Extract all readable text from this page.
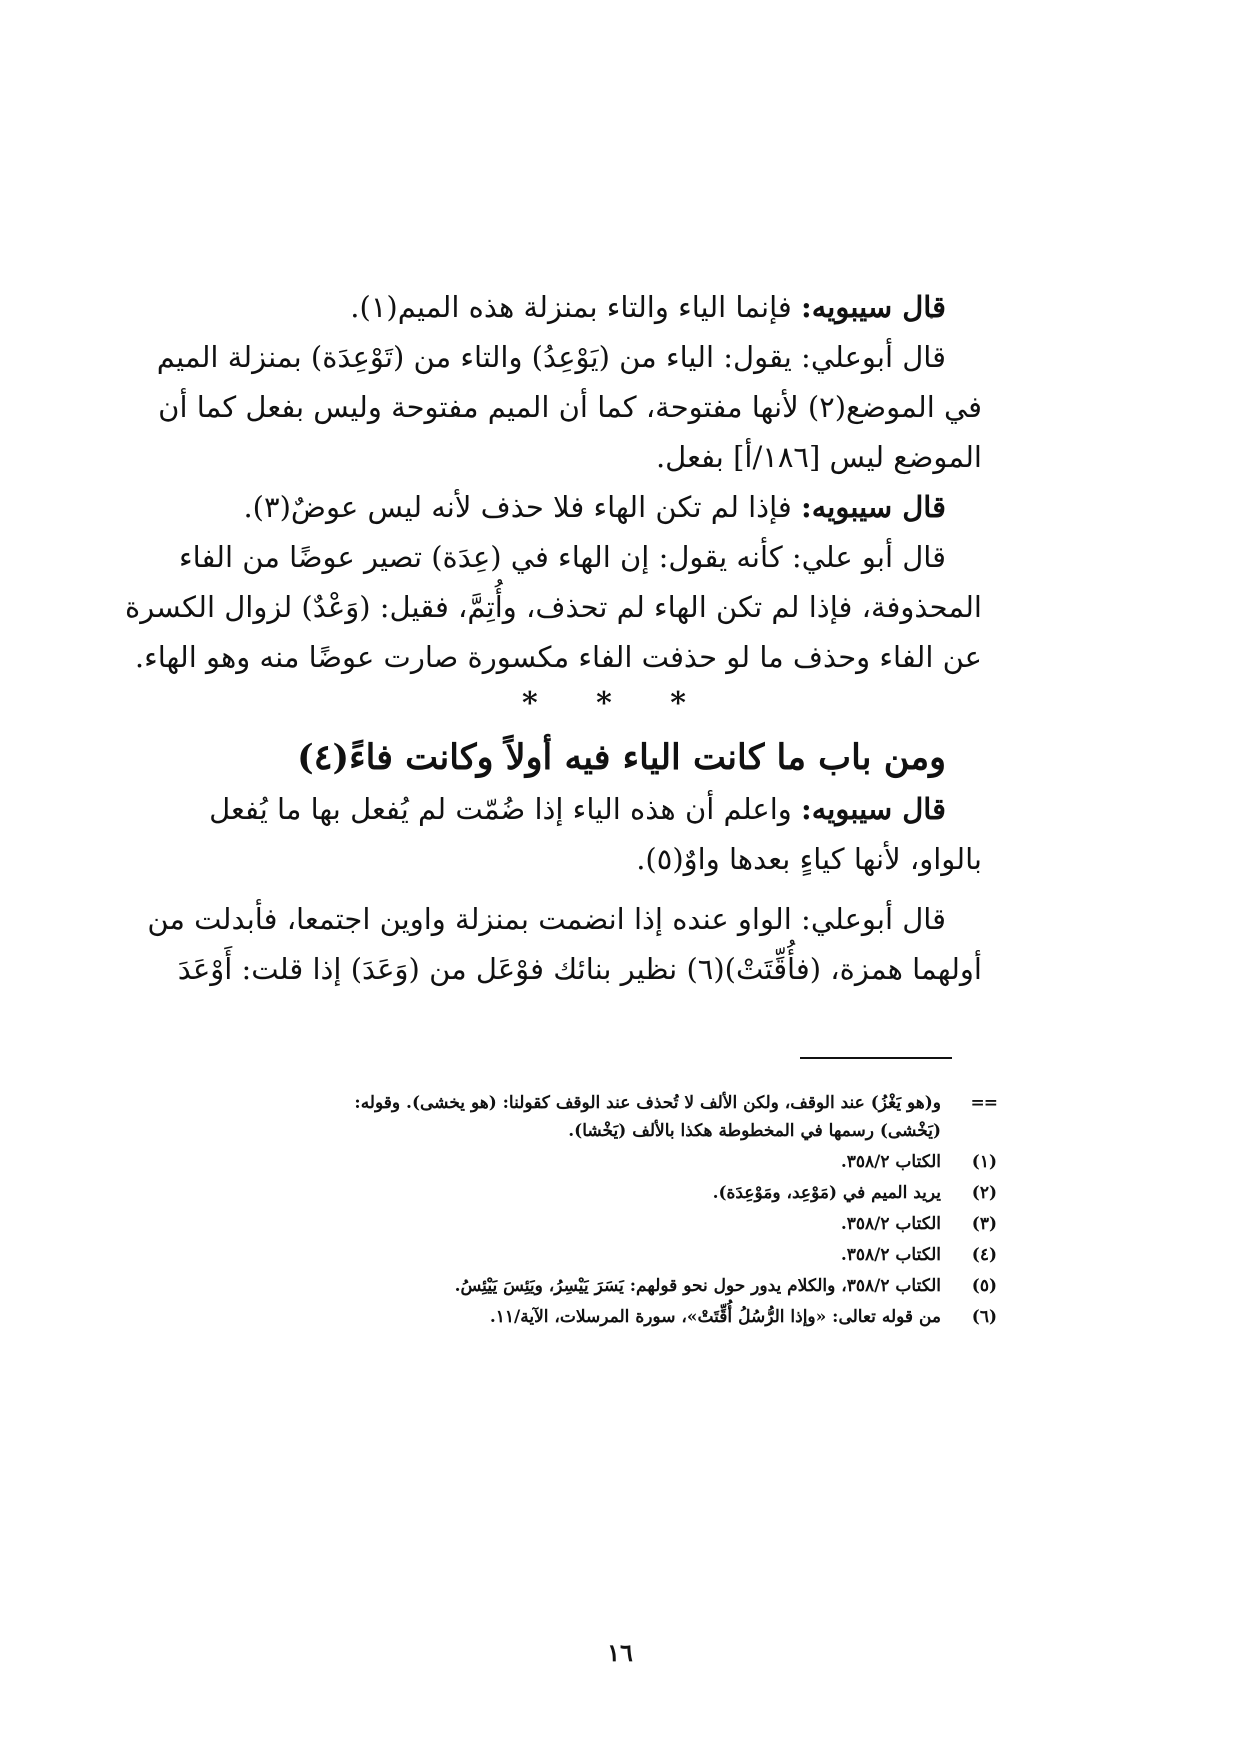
قال سيبويه: فإنما الياء والتاء بمنزلة هذه الميم(١).
قال أبوعلي: يقول: الياء من (يَوْعِدُ) والتاء من (تَوْعِدَة) بمنزلة الميم
في الموضع(٢) لأنها مفتوحة، كما أن الميم مفتوحة وليس بفعل كما أن
الموضع ليس [١٨٦/أ] بفعل.
قال سيبويه: فإذا لم تكن الهاء فلا حذف لأنه ليس عوضٌ(٣).
قال أبو علي: كأنه يقول: إن الهاء في (عِدَة) تصير عوضًا من الفاء
المحذوفة، فإذا لم تكن الهاء لم تحذف، وأُتِمَّ، فقيل: (وَعْدٌ) لزوال الكسرة
عن الفاء وحذف ما لو حذفت الفاء مكسورة صارت عوضًا منه وهو الهاء.
* * *
ومن باب ما كانت الياء فيه أولاً وكانت فاءً(٤)
قال سيبويه: واعلم أن هذه الياء إذا ضُمّت لم يُفعل بها ما يُفعل
بالواو، لأنها كياءٍ بعدها واوٌ(٥).
قال أبوعلي: الواو عنده إذا انضمت بمنزلة واوين اجتمعا، فأبدلت من
أولهما همزة، (فأُقِّتَتْ)(٦) نظير بنائك فوْعَل من (وَعَدَ) إذا قلت: أَوْعَدَ
==
و(هو يَغْزُ) عند الوقف، ولكن الألف لا تُحذف عند الوقف كقولنا: (هو يخشى). وقوله:
(يَخْشى) رسمها في المخطوطة هكذا بالألف (يَخْشا).
(١)
الكتاب ٣٥٨/٢.
(٢)
يريد الميم في (مَوْعِد، ومَوْعِدَة).
(٣)
الكتاب ٣٥٨/٢.
(٤)
الكتاب ٣٥٨/٢.
(٥)
الكتاب ٣٥٨/٢، والكلام يدور حول نحو قولهم: يَسَرَ يَيْسِرُ، ويَئِسَ يَيْئِسُ.
(٦)
من قوله تعالى: «وإذا الرُّسُلُ أُقِّتَتْ»، سورة المرسلات، الآية/١١.
١٦
